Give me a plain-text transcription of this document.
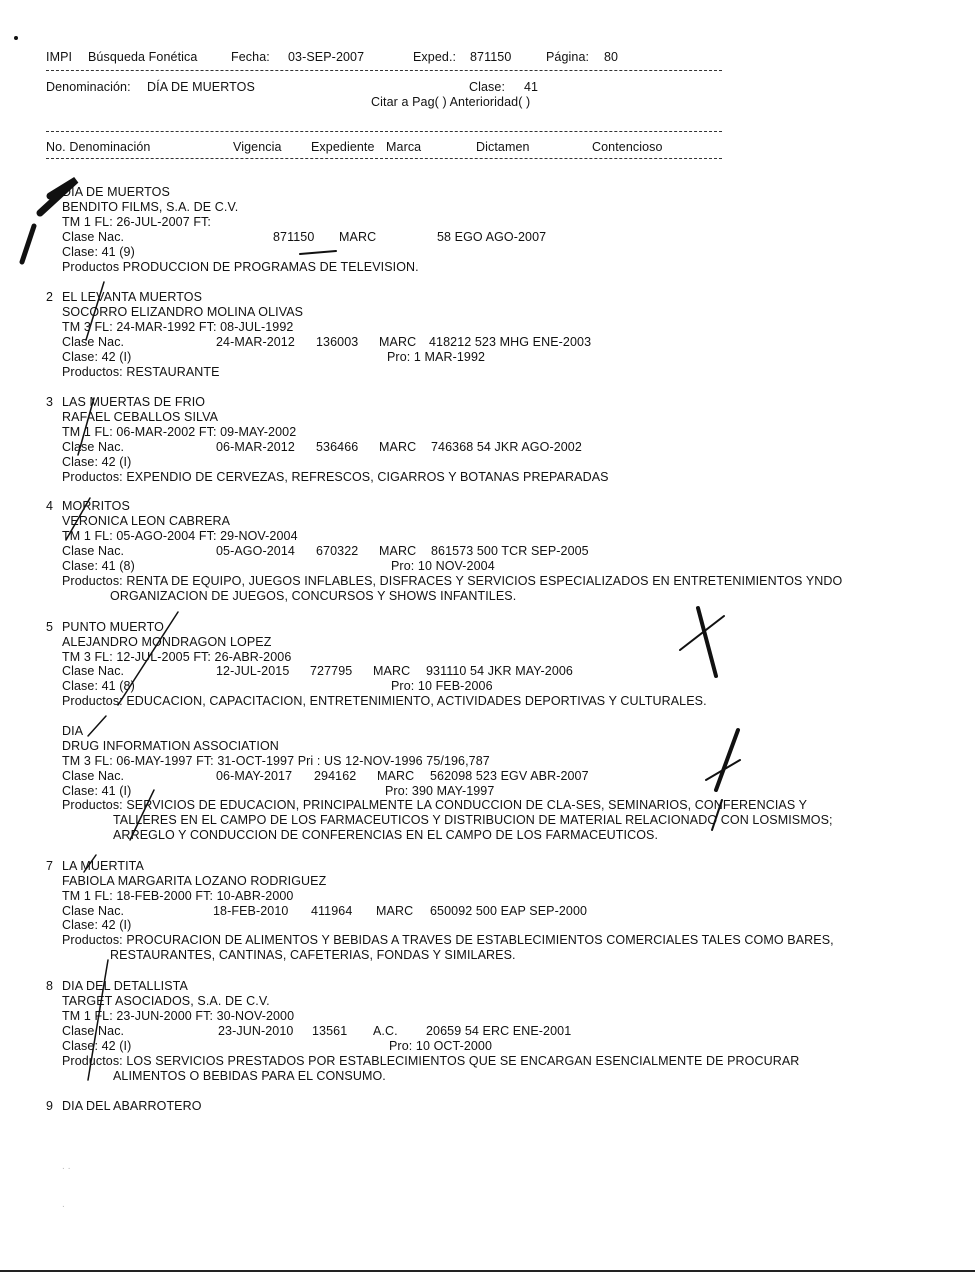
IMPI Búsqueda Fonética	Fecha: 03-SEP-2007	Exped.: 871150	Página: 80
Denominación: DÍA DE MUERTOS	Clase: 41
Citar a Pag( ) Anterioridad( )
No. Denominación	Vigencia Expediente Marca	Dictamen	Contencioso
DIA DE MUERTOS
BENDITO FILMS, S.A. DE C.V.
TM 1 FL: 26-JUL-2007 FT:
Clase Nac.	871150 MARC	58 EGO AGO-2007
Clase: 41 (9)
Productos PRODUCCION DE PROGRAMAS DE TELEVISION.
2 EL LEVANTA MUERTOS
SOCORRO ELIZANDRO MOLINA OLIVAS
TM 3 FL: 24-MAR-1992 FT: 08-JUL-1992
Clase Nac.	24-MAR-2012 136003 MARC 418212 523 MHG ENE-2003
Clase: 42 (I)	Pro: 1 MAR-1992
Productos: RESTAURANTE
3 LAS MUERTAS DE FRIO
RAFAEL CEBALLOS SILVA
TM 1 FL: 06-MAR-2002 FT: 09-MAY-2002
Clase Nac.	06-MAR-2012 536466 MARC 746368 54 JKR AGO-2002
Clase: 42 (I)
Productos: EXPENDIO DE CERVEZAS, REFRESCOS, CIGARROS Y BOTANAS PREPARADAS
4 MORRITOS
VERONICA LEON CABRERA
TM 1 FL: 05-AGO-2004 FT: 29-NOV-2004
Clase Nac.	05-AGO-2014 670322 MARC 861573 500 TCR SEP-2005
Clase: 41 (8)	Pro: 10 NOV-2004
Productos: RENTA DE EQUIPO, JUEGOS INFLABLES, DISFRACES Y SERVICIOS ESPECIALIZADOS EN ENTRETENIMIENTOS YNDO
ORGANIZACION DE JUEGOS, CONCURSOS Y SHOWS INFANTILES.
5 PUNTO MUERTO
ALEJANDRO MONDRAGON LOPEZ
TM 3 FL: 12-JUL-2005 FT: 26-ABR-2006
Clase Nac.	12-JUL-2015 727795 MARC 931110 54 JKR MAY-2006
Clase: 41 (8)	Pro: 10 FEB-2006
Productos: EDUCACION, CAPACITACION, ENTRETENIMIENTO, ACTIVIDADES DEPORTIVAS Y CULTURALES.
DIA
DRUG INFORMATION ASSOCIATION
TM 3 FL: 06-MAY-1997 FT: 31-OCT-1997 Pri : US 12-NOV-1996 75/196,787
Clase Nac.	06-MAY-2017 294162 MARC 562098 523 EGV ABR-2007
Clase: 41 (I)	Pro: 390 MAY-1997
Productos: SERVICIOS DE EDUCACION, PRINCIPALMENTE LA CONDUCCION DE CLA-SES, SEMINARIOS, CONFERENCIAS Y
TALLERES EN EL CAMPO DE LOS FARMACEUTICOS Y DISTRIBUCION DE MATERIAL RELACIONADO CON LOSMISMOS;
ARREGLO Y CONDUCCION DE CONFERENCIAS EN EL CAMPO DE LOS FARMACEUTICOS.
7 LA MUERTITA
FABIOLA MARGARITA LOZANO RODRIGUEZ
TM 1 FL: 18-FEB-2000 FT: 10-ABR-2000
Clase Nac.	18-FEB-2010 411964 MARC 650092 500 EAP SEP-2000
Clase: 42 (I)
Productos: PROCURACION DE ALIMENTOS Y BEBIDAS A TRAVES DE ESTABLECIMIENTOS COMERCIALES TALES COMO BARES,
RESTAURANTES, CANTINAS, CAFETERIAS, FONDAS Y SIMILARES.
8 DIA DEL DETALLISTA
TARGET ASOCIADOS, S.A. DE C.V.
TM 1 FL: 23-JUN-2000 FT: 30-NOV-2000
Clase Nac.	23-JUN-2010 13561 A.C. 20659 54 ERC ENE-2001
Clase: 42 (I)	Pro: 10 OCT-2000
Productos: LOS SERVICIOS PRESTADOS POR ESTABLECIMIENTOS QUE SE ENCARGAN ESENCIALMENTE DE PROCURAR
ALIMENTOS O BEBIDAS PARA EL CONSUMO.
9 DIA DEL ABARROTERO
. .
.
